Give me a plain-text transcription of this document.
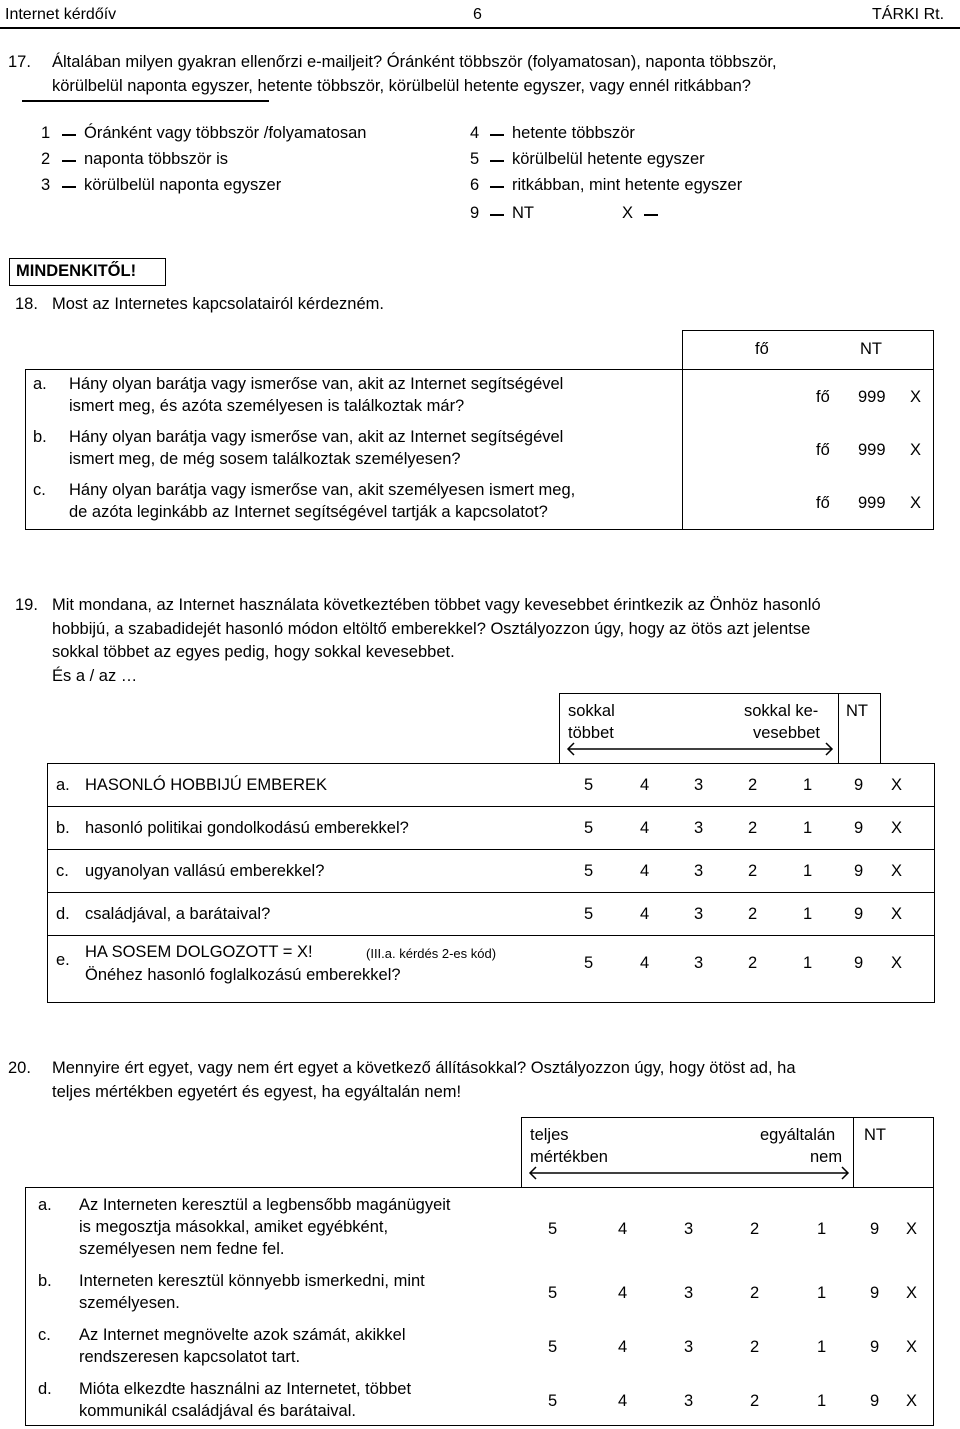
Internet kérdőív	6	TÁRKI Rt.
17. Általában milyen gyakran ellenőrzi e-mailjeit? Óránként többször (folyamatosan), naponta többször,
körülbelül naponta egyszer, hetente többször, körülbelül hetente egyszer, vagy ennél ritkábban?
1 Óránként vagy többször /folyamatosan
2 naponta többször is
3 körülbelül naponta egyszer
4 hetente többször
5 körülbelül hetente egyszer
6 ritkábban, mint hetente egyszer
9 NT	X
MINDENKITŐL!
18. Most az Internetes kapcsolatairól kérdezném.
fő	NT
a. Hány olyan barátja vagy ismerőse van, akit az Internet segítségével
ismert meg, és azóta személyesen is találkoztak már?	fő 999 X
b. Hány olyan barátja vagy ismerőse van, akit az Internet segítségével
ismert meg, de még sosem találkoztak személyesen?	fő 999 X
c. Hány olyan barátja vagy ismerőse van, akit személyesen ismert meg,
de azóta leginkább az Internet segítségével tartják a kapcsolatot?	fő 999 X
19. Mit mondana, az Internet használata következtében többet vagy kevesebbet érintkezik az Önhöz hasonló
hobbijú, a szabadidejét hasonló módon eltöltő emberekkel? Osztályozzon úgy, hogy az ötös azt jelentse
sokkal többet az egyes pedig, hogy sokkal kevesebbet.
És a / az …
sokkal
többet
sokkal ke-
vesebbet
NT
a. HASONLÓ HOBBIJÚ EMBEREK	5	4	3	2	1	9 X
b. hasonló politikai gondolkodású emberekkel?	5	4	3	2	1	9 X
c. ugyanolyan vallású emberekkel?	5	4	3	2	1	9 X
d. családjával, a barátaival?	5	4	3	2	1	9 X
e. HA SOSEM DOLGOZOTT = X!	(III.a. kérdés 2-es kód)
Önéhez hasonló foglalkozású emberekkel?
5	4	3	2	1	9 X
20. Mennyire ért egyet, vagy nem ért egyet a következő állításokkal? Osztályozzon úgy, hogy ötöst ad, ha
teljes mértékben egyetért és egyest, ha egyáltalán nem!
teljes
mértékben
egyáltalán
nem
NT
a. Az Interneten keresztül a legbensőbb magánügyeit
is megosztja másokkal, amiket egyébként,
személyesen nem fedne fel.
5	4	3	2	1	9 X
b. Interneten keresztül könnyebb ismerkedni, mint
személyesen.
5	4	3	2	1	9 X
c. Az Internet megnövelte azok számát, akikkel
rendszeresen kapcsolatot tart.
5	4	3	2	1	9 X
d. Mióta elkezdte használni az Internetet, többet
kommunikál családjával és barátaival.
5	4	3	2	1	9 X
